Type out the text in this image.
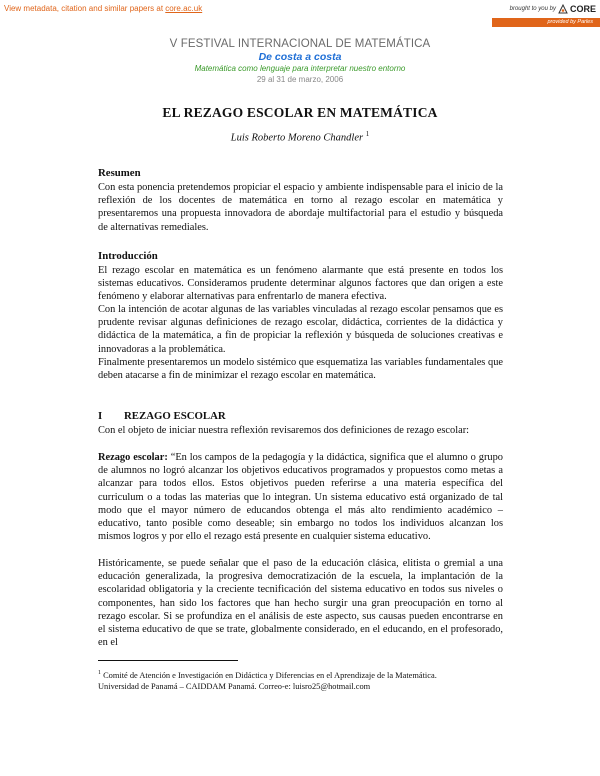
View metadata, citation and similar papers at core.ac.uk	brought to you by CORE
provided by Parles
V FESTIVAL INTERNACIONAL DE MATEMÁTICA
De costa a costa
Matemática como lenguaje para interpretar nuestro entorno
29 al 31 de marzo, 2006
EL REZAGO ESCOLAR EN MATEMÁTICA
Luis Roberto Moreno Chandler $^1$
Resumen

Con esta ponencia pretendemos propiciar el espacio y ambiente indispensable para el inicio de la reflexión de los docentes de matemática en torno al rezago escolar en matemática y presentaremos una propuesta innovadora de abordaje multifactorial para el estudio y búsqueda de alternativas remediales.

Introducción

El rezago escolar en matemática es un fenómeno alarmante que está presente en todos los sistemas educativos. Consideramos prudente determinar algunos factores que dan origen a este fenómeno y elaborar alternativas para enfrentarlo de manera efectiva.

Con la intención de acotar algunas de las variables vinculadas al rezago escolar pensamos que es prudente revisar algunas definiciones de rezago escolar, didáctica, corrientes de la didáctica y didáctica de la matemática, a fin de propiciar la reflexión y búsqueda de soluciones creativas e innovadoras a la problemática.

Finalmente presentaremos un modelo sistémico que esquematiza las variables fundamentales que deben atacarse a fin de minimizar el rezago escolar en matemática.

I REZAGO ESCOLAR

Con el objeto de iniciar nuestra reflexión revisaremos dos definiciones de rezago escolar:

Rezago escolar: “En los campos de la pedagogía y la didáctica, significa que el alumno o grupo de alumnos no logró alcanzar los objetivos educativos programados y propuestos como metas a alcanzar para todos ellos. Estos objetivos pueden referirse a una materia específica del curriculum o a todas las materias que lo integran. Un sistema educativo está organizado de tal modo que el mayor número de educandos obtenga el más alto rendimiento académico – educativo, tanto posible como deseable; sin embargo no todos los individuos alcanzan los mismos logros y por ello el rezago está presente en cualquier sistema educativo.

Históricamente, se puede señalar que el paso de la educación clásica, elitista o gremial a una educación generalizada, la progresiva democratización de la escuela, la implantación de la escolaridad obligatoria y la creciente tecnificación del sistema educativo en todos sus niveles o componentes, han sido los factores que han hecho surgir una gran preocupación en torno al rezago escolar. Si se profundiza en el análisis de este aspecto, sus causas pueden encontrarse en el sistema educativo de que se trate, globalmente considerado, en el educando, en el profesorado, en el

$^1$ Comité de Atención e Investigación en Didáctica y Diferencias en el Aprendizaje de la Matemática.
Universidad de Panamá – CAIDDAM Panamá. Correo-e: luisro25@hotmail.com
